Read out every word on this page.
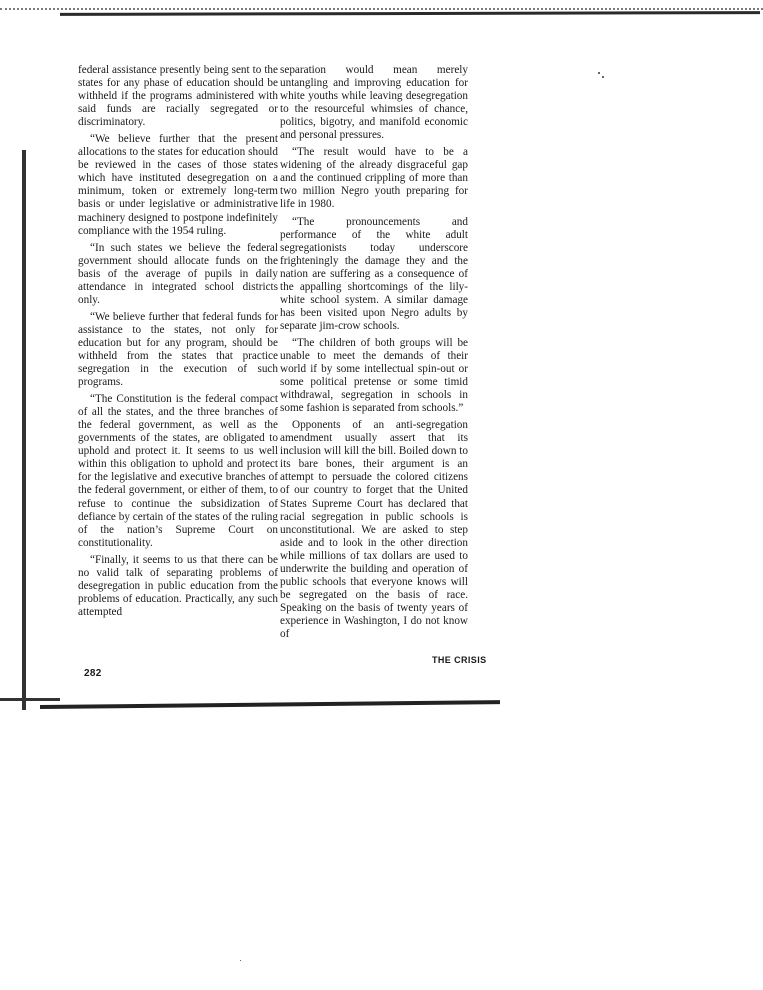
federal assistance presently being sent to the states for any phase of education should be withheld if the programs administered with said funds are racially segregated or discriminatory.

“We believe further that the present allocations to the states for education should be reviewed in the cases of those states which have instituted desegregation on a minimum, token or extremely long-term basis or under legislative or administrative machinery designed to postpone indefinitely compliance with the 1954 ruling.

“In such states we believe the federal government should allocate funds on the basis of the average of pupils in daily attendance in integrated school districts only.

“We believe further that federal funds for assistance to the states, not only for education but for any program, should be withheld from the states that practice segregation in the execution of such programs.

“The Constitution is the federal compact of all the states, and the three branches of the federal government, as well as the governments of the states, are obligated to uphold and protect it. It seems to us well within this obligation to uphold and protect for the legislative and executive branches of the federal government, or either of them, to refuse to continue the subsidization of defiance by certain of the states of the ruling of the nation’s Supreme Court on constitutionality.

“Finally, it seems to us that there can be no valid talk of separating problems of desegregation in public education from the problems of education. Practically, any such attempted

separation would mean merely untangling and improving education for white youths while leaving desegregation to the resourceful whimsies of chance, politics, bigotry, and manifold economic and personal pressures.

“The result would have to be a widening of the already disgraceful gap and the continued crippling of more than two million Negro youth preparing for life in 1980.

“The pronouncements and performance of the white adult segregationists today underscore frighteningly the damage they and the nation are suffering as a consequence of the appalling shortcomings of the lily-white school system. A similar damage has been visited upon Negro adults by separate jim-crow schools.

“The children of both groups will be unable to meet the demands of their world if by some intellectual spin-out or some political pretense or some timid withdrawal, segregation in schools in some fashion is separated from schools.”

Opponents of an anti-segregation amendment usually assert that its inclusion will kill the bill. Boiled down to its bare bones, their argument is an attempt to persuade the colored citizens of our country to forget that the United States Supreme Court has declared that racial segregation in public schools is unconstitutional. We are asked to step aside and to look in the other direction while millions of tax dollars are used to underwrite the building and operation of public schools that everyone knows will be segregated on the basis of race. Speaking on the basis of twenty years of experience in Washington, I do not know of

282
THE CRISIS
